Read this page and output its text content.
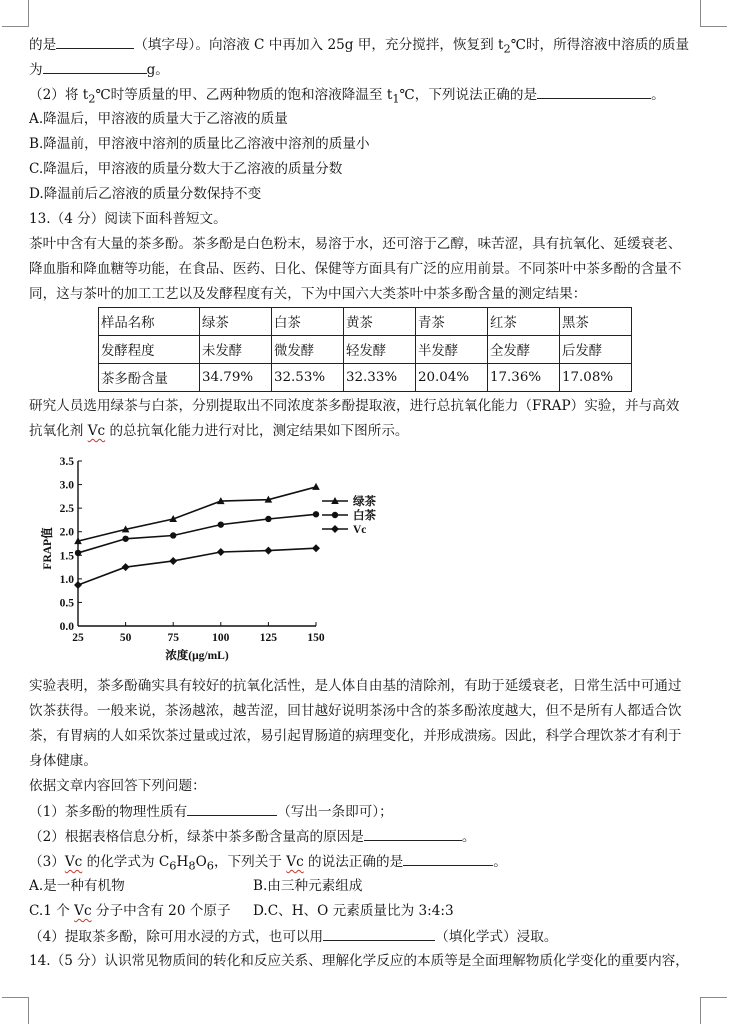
的是	（填字母）。向溶液 C 中再加入 25g 甲，充分搅拌，恢复到 $t_2℃$时，所得溶液中溶质的质量
为	g。
（2）将 $t_2℃$时等质量的甲、乙两种物质的饱和溶液降温至 $t_1℃$，下列说法正确的是	。
A.降温后，甲溶液的质量大于乙溶液的质量
B.降温前，甲溶液中溶剂的质量比乙溶液中溶剂的质量小
C.降温后，甲溶液的质量分数大于乙溶液的质量分数
D.降温前后乙溶液的质量分数保持不变
13.（4 分）阅读下面科普短文。
茶叶中含有大量的茶多酚。茶多酚是白色粉末，易溶于水，还可溶于乙醇，味苦涩，具有抗氧化、延缓衰老、
降血脂和降血糖等功能，在食品、医药、日化、保健等方面具有广泛的应用前景。不同茶叶中茶多酚的含量不
同，这与茶叶的加工工艺以及发酵程度有关，下为中国六大类茶叶中茶多酚含量的测定结果：
样品名称	绿茶	白茶	黄茶	青茶	红茶	黑茶
发酵程度	未发酵	微发酵	轻发酵	半发酵	全发酵	后发酵
茶多酚含量	34.79%	32.53%	32.33%	20.04%	17.36%	17.08%
研究人员选用绿茶与白茶，分别提取出不同浓度茶多酚提取液，进行总抗氧化能力（FRAP）实验，并与高效
抗氧化剂 Vc 的总抗氧化能力进行对比，测定结果如下图所示。
0.0
0.5
1.0
1.5
2.0
2.5
3.0
3.5
25	50	75	100	125	150
浓度(μg/mL)
FRAP值
绿茶
白茶
Vc
实验表明，茶多酚确实具有较好的抗氧化活性，是人体自由基的清除剂，有助于延缓衰老，日常生活中可通过
饮茶获得。一般来说，茶汤越浓，越苦涩，回甘越好说明茶汤中含的茶多酚浓度越大，但不是所有人都适合饮
茶，有胃病的人如采饮茶过量或过浓，易引起胃肠道的病理变化，并形成溃疡。因此，科学合理饮茶才有利于
身体健康。
依据文章内容回答下列问题：
（1）茶多酚的物理性质有	（写出一条即可）；
（2）根据表格信息分析，绿茶中茶多酚含量高的原因是	。
（3）Vc 的化学式为 $C_6H_8O_6$，下列关于 Vc 的说法正确的是	。
A.是一种有机物	B.由三种元素组成
C.1 个 Vc 分子中含有 20 个原子 D.C、H、O 元素质量比为 3:4:3
（4）提取茶多酚，除可用水浸的方式，也可以用	（填化学式）浸取。
14.（5 分）认识常见物质间的转化和反应关系、理解化学反应的本质等是全面理解物质化学变化的重要内容，
